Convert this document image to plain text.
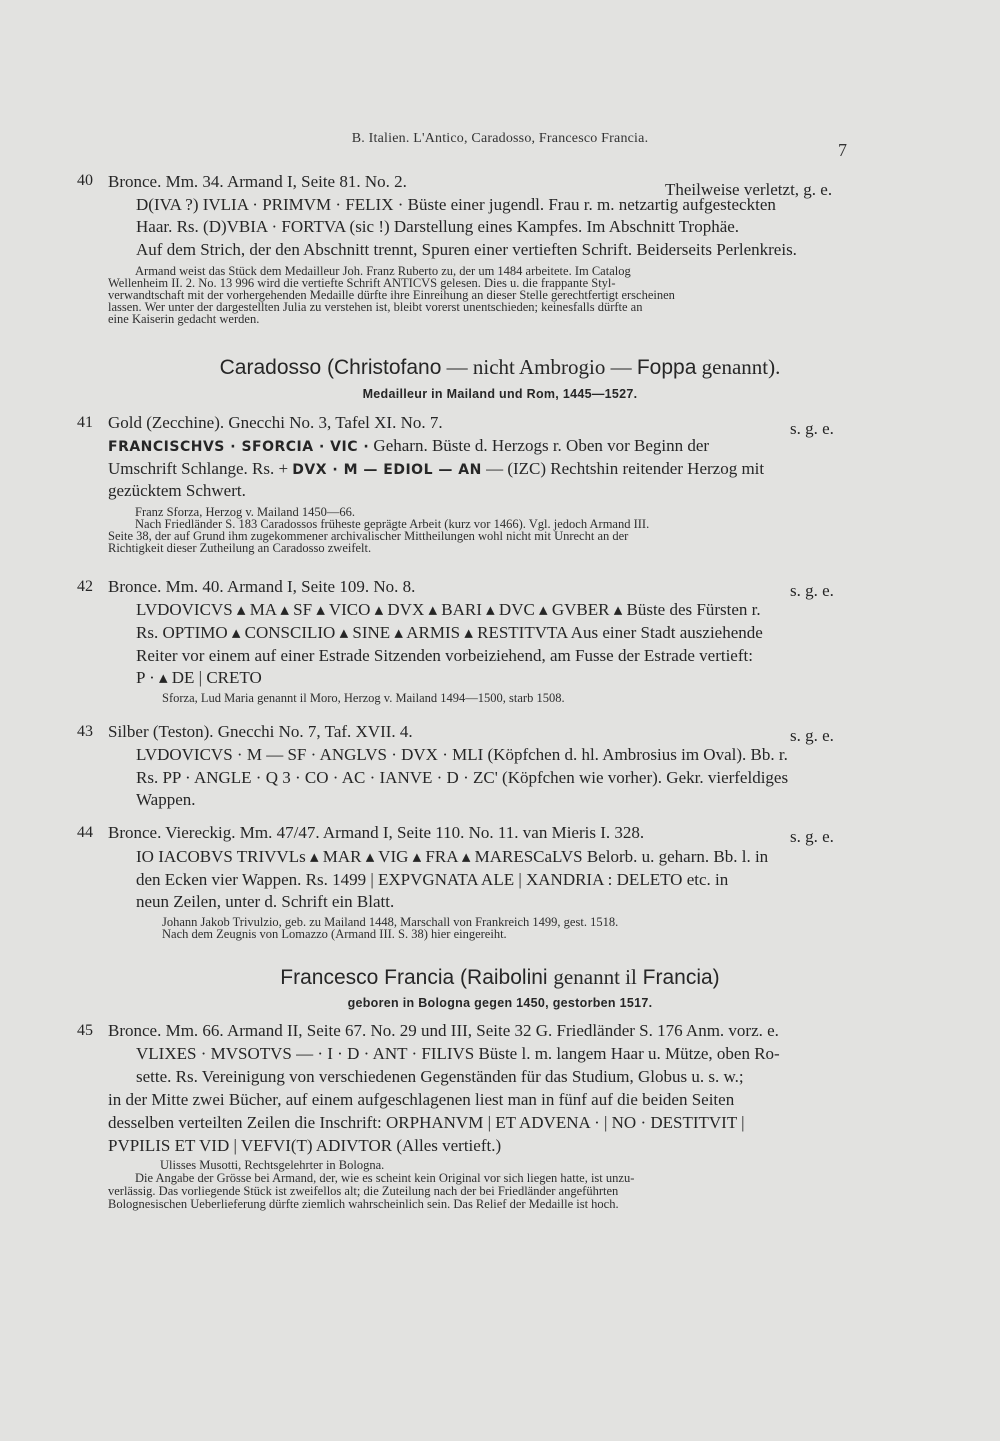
B. Italien. L'Antico, Caradosso, Francesco Francia.
7
40 Bronce. Mm. 34. Armand I, Seite 81. No. 2.	Theilweise verletzt, g. e.
D(IVA ?) IVLIA · PRIMVM · FELIX · Büste einer jugendl. Frau r. m. netzartig aufgesteckten
Haar. Rs. (D)VBIA · FORTVA (sic !) Darstellung eines Kampfes. Im Abschnitt Trophäe.
Auf dem Strich, der den Abschnitt trennt, Spuren einer vertieften Schrift. Beiderseits Perlenkreis.
Armand weist das Stück dem Medailleur Joh. Franz Ruberto zu, der um 1484 arbeitete. Im Catalog
Wellenheim II. 2. No. 13 996 wird die vertiefte Schrift ANTICVS gelesen. Dies u. die frappante Styl-
verwandtschaft mit der vorhergehenden Medaille dürfte ihre Einreihung an dieser Stelle gerechtfertigt erscheinen
lassen. Wer unter der dargestellten Julia zu verstehen ist, bleibt vorerst unentschieden; keinesfalls dürfte an
eine Kaiserin gedacht werden.
Caradosso (Christofano — nicht Ambrogio — Foppa genannt).
Medailleur in Mailand und Rom, 1445—1527.
41 Gold (Zecchine). Gnecchi No. 3, Tafel XI. No. 7.	s. g. e.
FRANCISCHVS · SFORCIA · VIC · Geharn. Büste d. Herzogs r. Oben vor Beginn der
Umschrift Schlange. Rs. + DVX · M — EDIOL — AN — (IZC) Rechtshin reitender Herzog mit
gezücktem Schwert.
Franz Sforza, Herzog v. Mailand 1450—66.
Nach Friedländer S. 183 Caradossos früheste geprägte Arbeit (kurz vor 1466). Vgl. jedoch Armand III.
Seite 38, der auf Grund ihm zugekommener archivalischer Mittheilungen wohl nicht mit Unrecht an der
Richtigkeit dieser Zutheilung an Caradosso zweifelt.
42 Bronce. Mm. 40. Armand I, Seite 109. No. 8.	s. g. e.
LVDOVICVS ▴ MA ▴ SF ▴ VICO ▴ DVX ▴ BARI ▴ DVC ▴ GVBER ▴ Büste des Fürsten r.
Rs. OPTIMO ▴ CONSCILIO ▴ SINE ▴ ARMIS ▴ RESTITVTA Aus einer Stadt ausziehende
Reiter vor einem auf einer Estrade Sitzenden vorbeiziehend, am Fusse der Estrade vertieft:
P · ▴ DE | CRETO
Sforza, Lud Maria genannt il Moro, Herzog v. Mailand 1494—1500, starb 1508.
43 Silber (Teston). Gnecchi No. 7, Taf. XVII. 4.	s. g. e.
LVDOVICVS · M — SF · ANGLVS · DVX · MLI (Köpfchen d. hl. Ambrosius im Oval). Bb. r.
Rs. PP · ANGLE · Q 3 · CO · AC · IANVE · D · ZC' (Köpfchen wie vorher). Gekr. vierfeldiges
Wappen.
44 Bronce. Viereckig. Mm. 47/47. Armand I, Seite 110. No. 11. van Mieris I. 328.	s. g. e.
IO IACOBVS TRIVVLs ▴ MAR ▴ VIG ▴ FRA ▴ MARESCaLVS Belorb. u. geharn. Bb. l. in
den Ecken vier Wappen. Rs. 1499 | EXPVGNATA ALE | XANDRIA : DELETO etc. in
neun Zeilen, unter d. Schrift ein Blatt.
Johann Jakob Trivulzio, geb. zu Mailand 1448, Marschall von Frankreich 1499, gest. 1518.
Nach dem Zeugnis von Lomazzo (Armand III. S. 38) hier eingereiht.
Francesco Francia (Raibolini genannt il Francia)
geboren in Bologna gegen 1450, gestorben 1517.
45 Bronce. Mm. 66. Armand II, Seite 67. No. 29 und III, Seite 32 G. Friedländer S. 176 Anm. vorz. e.
VLIXES · MVSOTVS — · I · D · ANT · FILIVS Büste l. m. langem Haar u. Mütze, oben Ro-
sette. Rs. Vereinigung von verschiedenen Gegenständen für das Studium, Globus u. s. w.;
in der Mitte zwei Bücher, auf einem aufgeschlagenen liest man in fünf auf die beiden Seiten
desselben verteilten Zeilen die Inschrift: ORPHANVM | ET ADVENA · | NO · DESTITVIT |
PVPILIS ET VID | VEFVI(T) ADIVTOR (Alles vertieft.)
Ulisses Musotti, Rechtsgelehrter in Bologna.
Die Angabe der Grösse bei Armand, der, wie es scheint kein Original vor sich liegen hatte, ist unzu-
verlässig. Das vorliegende Stück ist zweifellos alt; die Zuteilung nach der bei Friedländer angeführten
Bolognesischen Ueberlieferung dürfte ziemlich wahrscheinlich sein. Das Relief der Medaille ist hoch.
